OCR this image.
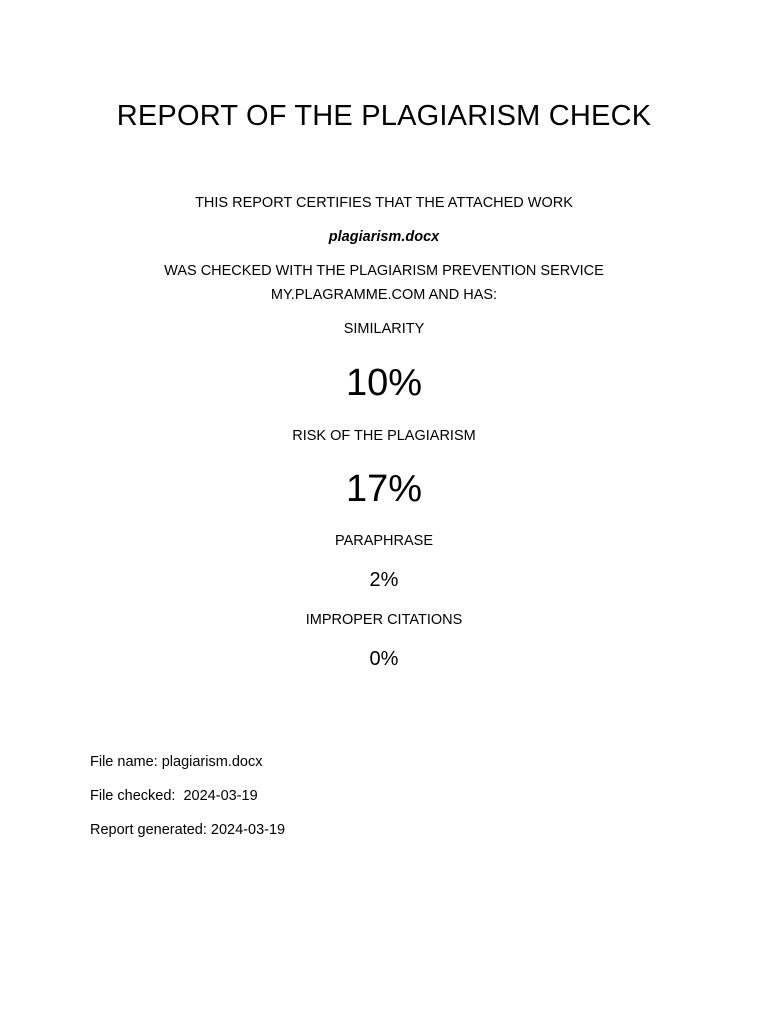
REPORT OF THE PLAGIARISM CHECK
THIS REPORT CERTIFIES THAT THE ATTACHED WORK
plagiarism.docx
WAS CHECKED WITH THE PLAGIARISM PREVENTION SERVICE
MY.PLAGRAMME.COM AND HAS:
SIMILARITY
10%
RISK OF THE PLAGIARISM
17%
PARAPHRASE
2%
IMPROPER CITATIONS
0%
File name: plagiarism.docx
File checked:  2024-03-19
Report generated: 2024-03-19
